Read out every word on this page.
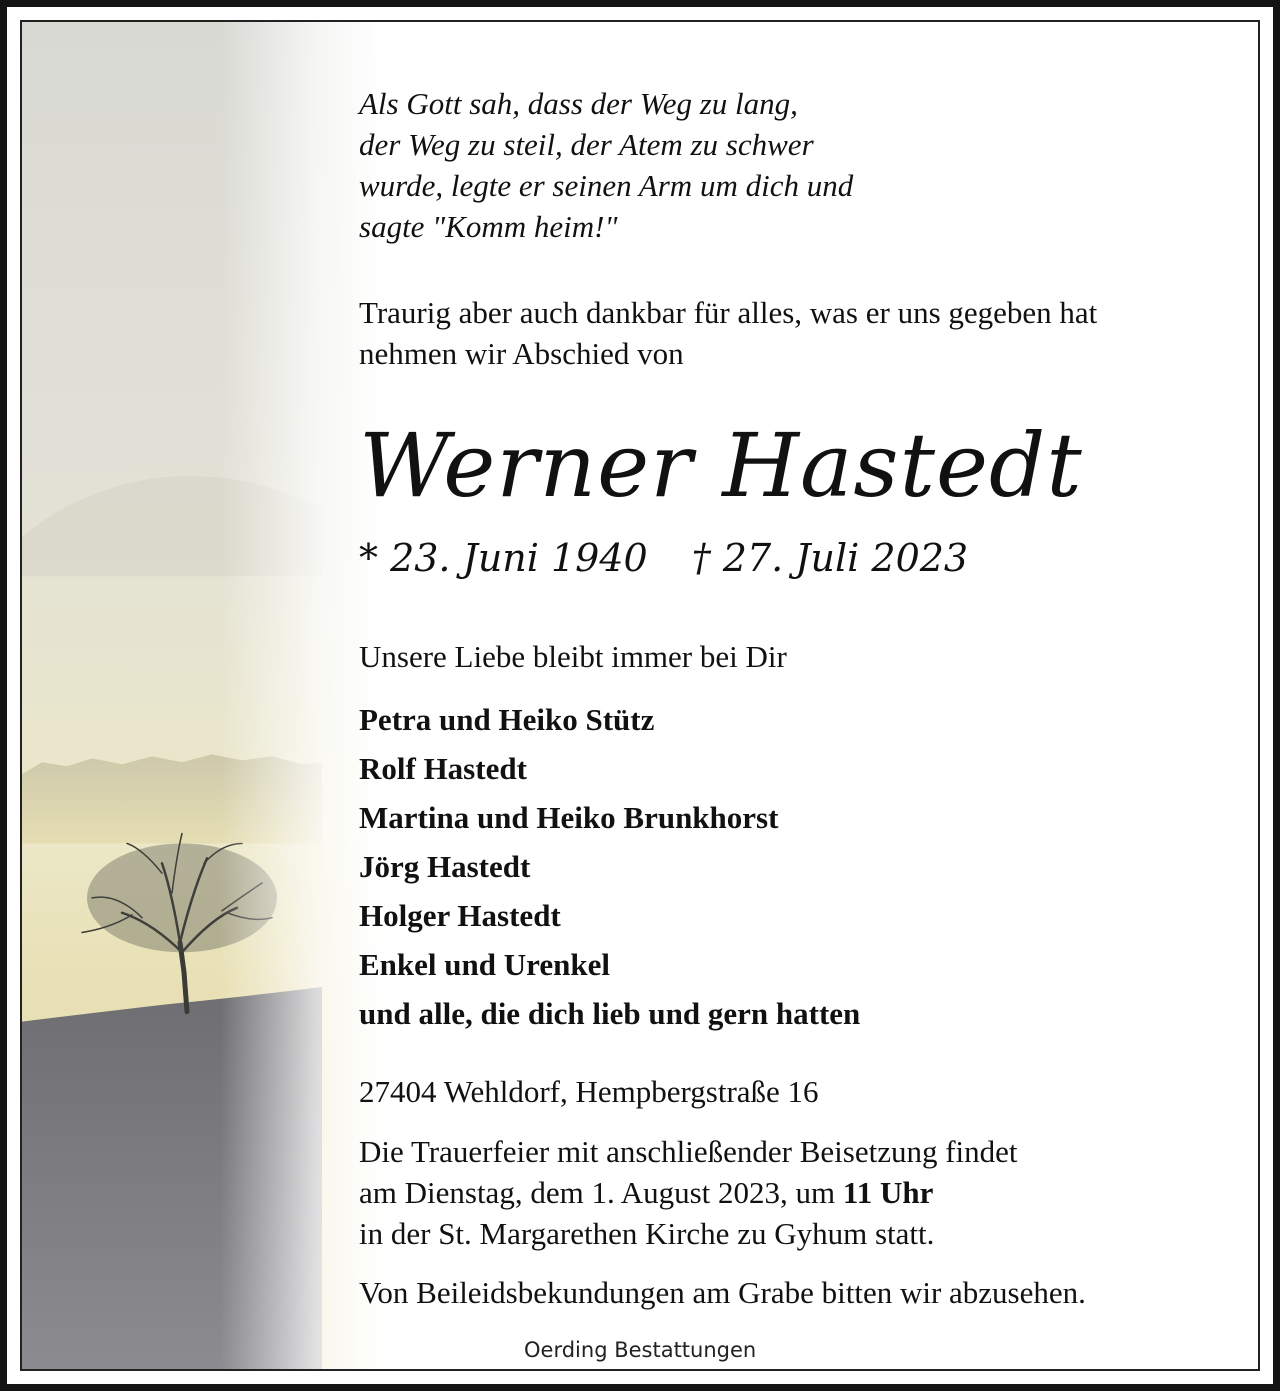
Als Gott sah, dass der Weg zu lang,
der Weg zu steil, der Atem zu schwer
wurde, legte er seinen Arm um dich und
sagte "Komm heim!"
Traurig aber auch dankbar für alles, was er uns gegeben hat
nehmen wir Abschied von
Werner Hastedt
* 23. Juni 1940 † 27. Juli 2023
Unsere Liebe bleibt immer bei Dir
Petra und Heiko Stütz
Rolf Hastedt
Martina und Heiko Brunkhorst
Jörg Hastedt
Holger Hastedt
Enkel und Urenkel
und alle, die dich lieb und gern hatten
27404 Wehldorf, Hempbergstraße 16
Die Trauerfeier mit anschließender Beisetzung findet
am Dienstag, dem 1. August 2023, um 11 Uhr
in der St. Margarethen Kirche zu Gyhum statt.
Von Beileidsbekundungen am Grabe bitten wir abzusehen.
Oerding Bestattungen
